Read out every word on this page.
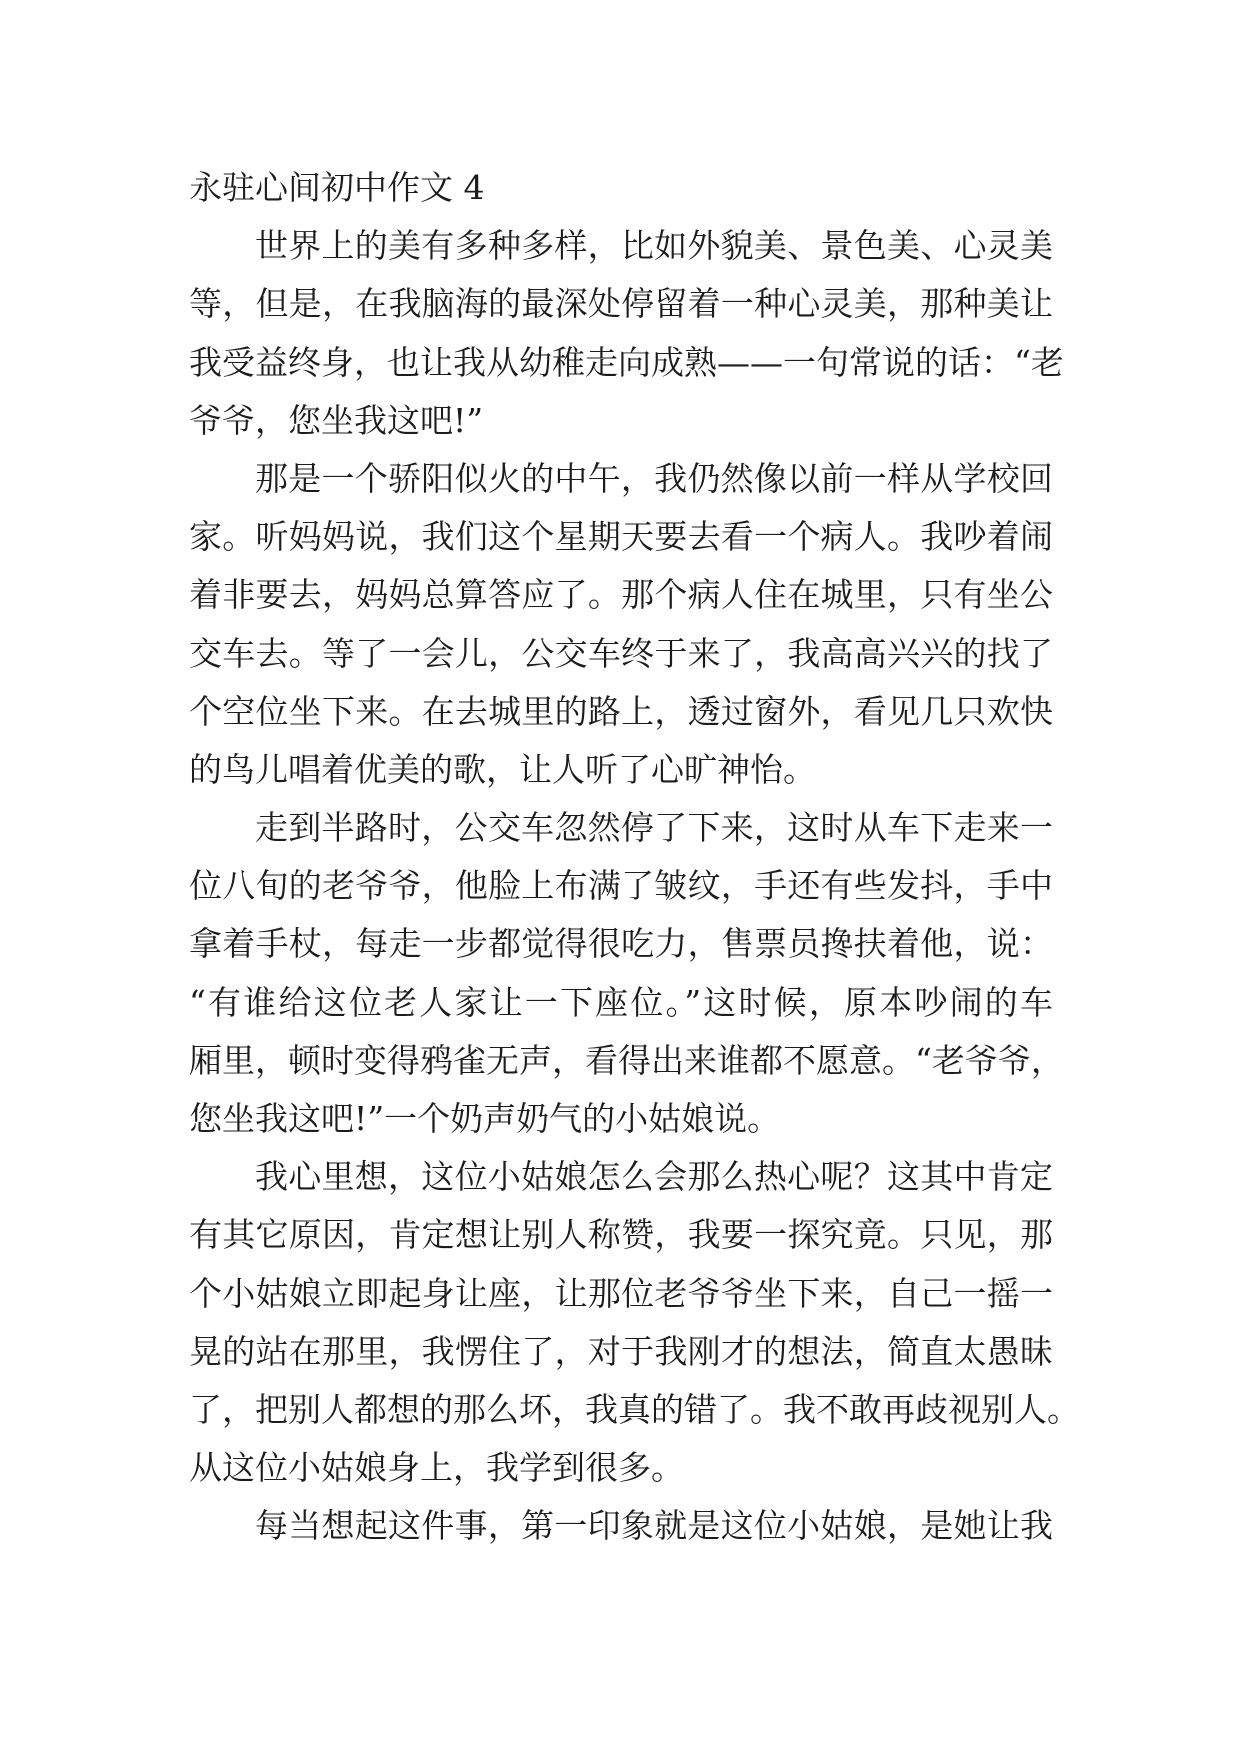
永驻心间初中作文 4
世界上的美有多种多样，比如外貌美、景色美、心灵美
等，但是，在我脑海的最深处停留着一种心灵美，那种美让
我受益终身，也让我从幼稚走向成熟——一句常说的话：“老
爷爷，您坐我这吧!”
那是一个骄阳似火的中午，我仍然像以前一样从学校回
家。听妈妈说，我们这个星期天要去看一个病人。我吵着闹
着非要去，妈妈总算答应了。那个病人住在城里，只有坐公
交车去。等了一会儿，公交车终于来了，我高高兴兴的找了
个空位坐下来。在去城里的路上，透过窗外，看见几只欢快
的鸟儿唱着优美的歌，让人听了心旷神怡。
走到半路时，公交车忽然停了下来，这时从车下走来一
位八旬的老爷爷，他脸上布满了皱纹，手还有些发抖，手中
拿着手杖，每走一步都觉得很吃力，售票员搀扶着他，说：
“有谁给这位老人家让一下座位。”这时候，原本吵闹的车
厢里，顿时变得鸦雀无声，看得出来谁都不愿意。“老爷爷，
您坐我这吧!”一个奶声奶气的小姑娘说。
我心里想，这位小姑娘怎么会那么热心呢？这其中肯定
有其它原因，肯定想让别人称赞，我要一探究竟。只见，那
个小姑娘立即起身让座，让那位老爷爷坐下来，自己一摇一
晃的站在那里，我愣住了，对于我刚才的想法，简直太愚昧
了，把别人都想的那么坏，我真的错了。我不敢再歧视别人。
从这位小姑娘身上，我学到很多。
每当想起这件事，第一印象就是这位小姑娘，是她让我
